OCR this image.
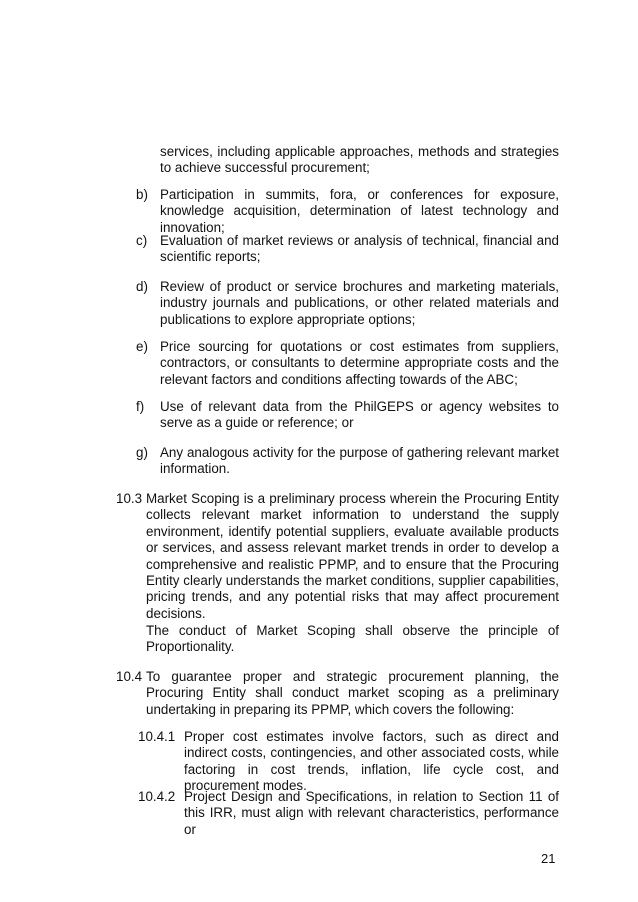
services, including applicable approaches, methods and strategies to achieve successful procurement;
b) Participation in summits, fora, or conferences for exposure, knowledge acquisition, determination of latest technology and innovation;
c) Evaluation of market reviews or analysis of technical, financial and scientific reports;
d) Review of product or service brochures and marketing materials, industry journals and publications, or other related materials and publications to explore appropriate options;
e) Price sourcing for quotations or cost estimates from suppliers, contractors, or consultants to determine appropriate costs and the relevant factors and conditions affecting towards of the ABC;
f) Use of relevant data from the PhilGEPS or agency websites to serve as a guide or reference; or
g) Any analogous activity for the purpose of gathering relevant market information.
10.3 Market Scoping is a preliminary process wherein the Procuring Entity collects relevant market information to understand the supply environment, identify potential suppliers, evaluate available products or services, and assess relevant market trends in order to develop a comprehensive and realistic PPMP, and to ensure that the Procuring Entity clearly understands the market conditions, supplier capabilities, pricing trends, and any potential risks that may affect procurement decisions.
The conduct of Market Scoping shall observe the principle of Proportionality.
10.4 To guarantee proper and strategic procurement planning, the Procuring Entity shall conduct market scoping as a preliminary undertaking in preparing its PPMP, which covers the following:
10.4.1 Proper cost estimates involve factors, such as direct and indirect costs, contingencies, and other associated costs, while factoring in cost trends, inflation, life cycle cost, and procurement modes.
10.4.2 Project Design and Specifications, in relation to Section 11 of this IRR, must align with relevant characteristics, performance or
21
